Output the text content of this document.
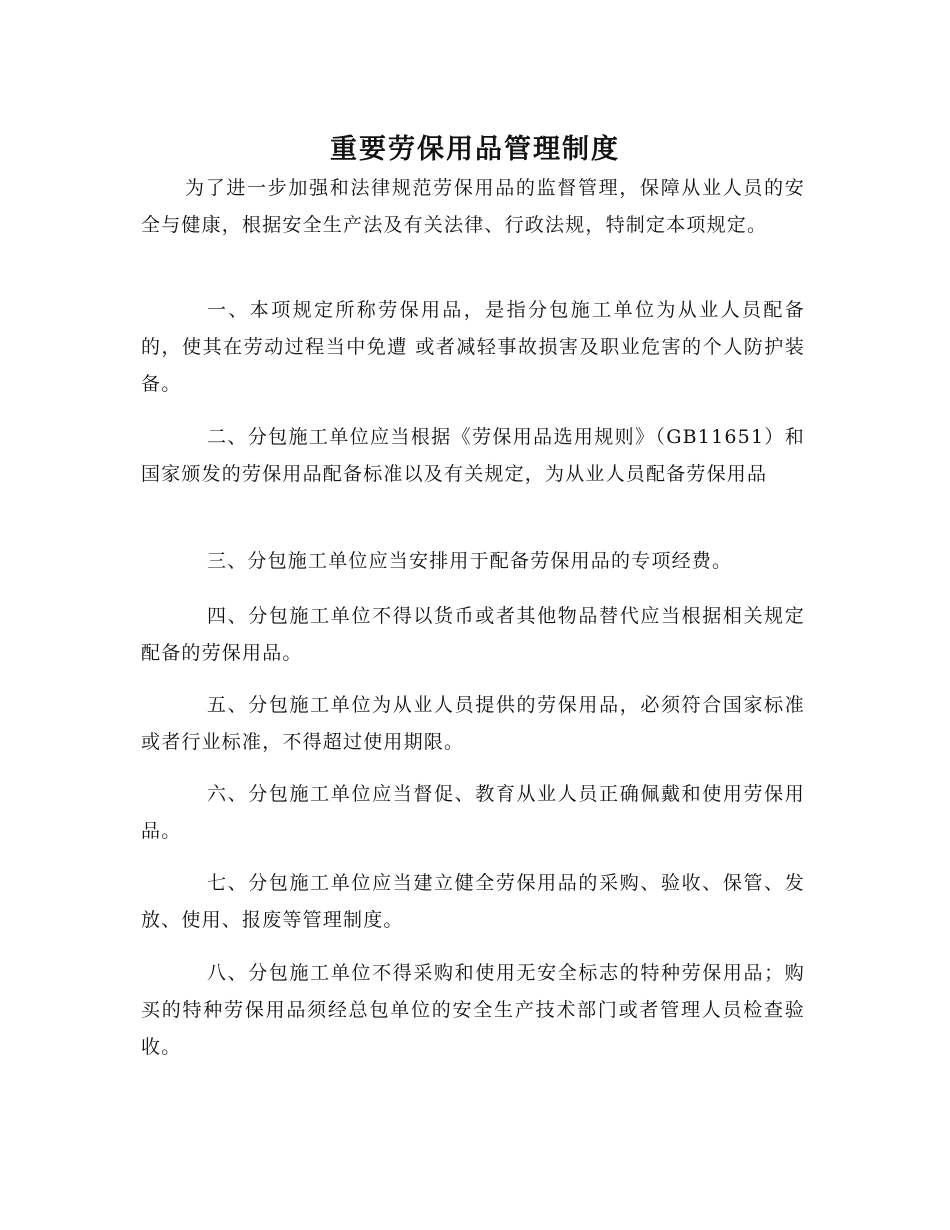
重要劳保用品管理制度

为了进一步加强和法律规范劳保用品的监督管理，保障从业人员的安全与健康，根据安全生产法及有关法律、行政法规，特制定本项规定。

一、本项规定所称劳保用品，是指分包施工单位为从业人员配备的，使其在劳动过程当中免遭 或者减轻事故损害及职业危害的个人防护装备。

二、分包施工单位应当根据《劳保用品选用规则》（GB11651）和国家颁发的劳保用品配备标准以及有关规定，为从业人员配备劳保用品

三、分包施工单位应当安排用于配备劳保用品的专项经费。

四、分包施工单位不得以货币或者其他物品替代应当根据相关规定配备的劳保用品。

五、分包施工单位为从业人员提供的劳保用品，必须符合国家标准或者行业标准，不得超过使用期限。

六、分包施工单位应当督促、教育从业人员正确佩戴和使用劳保用品。

七、分包施工单位应当建立健全劳保用品的采购、验收、保管、发放、使用、报废等管理制度。

八、分包施工单位不得采购和使用无安全标志的特种劳保用品；购买的特种劳保用品须经总包单位的安全生产技术部门或者管理人员检查验收。
